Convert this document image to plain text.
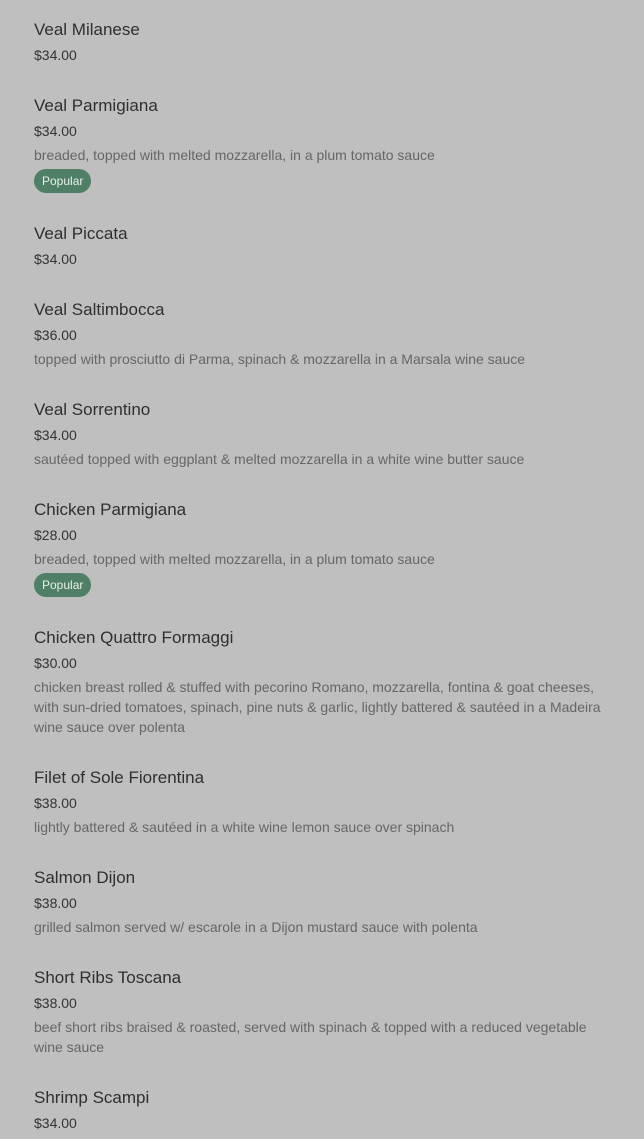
Veal Milanese

$34.00

Veal Parmigiana

$34.00

breaded, topped with melted mozzarella, in a plum tomato sauce

Popular
Veal Piccata

$34.00

Veal Saltimbocca

$36.00

topped with prosciutto di Parma, spinach & mozzarella in a Marsala wine sauce

Veal Sorrentino

$34.00

sautéed topped with eggplant & melted mozzarella in a white wine butter sauce

Chicken Parmigiana

$28.00

breaded, topped with melted mozzarella, in a plum tomato sauce

Popular
Chicken Quattro Formaggi

$30.00

chicken breast rolled & stuffed with pecorino Romano, mozzarella, fontina & goat cheeses, with sun-dried tomatoes, spinach, pine nuts & garlic, lightly battered & sautéed in a Madeira wine sauce over polenta

Filet of Sole Fiorentina

$38.00

lightly battered & sautéed in a white wine lemon sauce over spinach

Salmon Dijon

$38.00

grilled salmon served w/ escarole in a Dijon mustard sauce with polenta

Short Ribs Toscana

$38.00

beef short ribs braised & roasted, served with spinach & topped with a reduced vegetable wine sauce

Shrimp Scampi

$34.00
